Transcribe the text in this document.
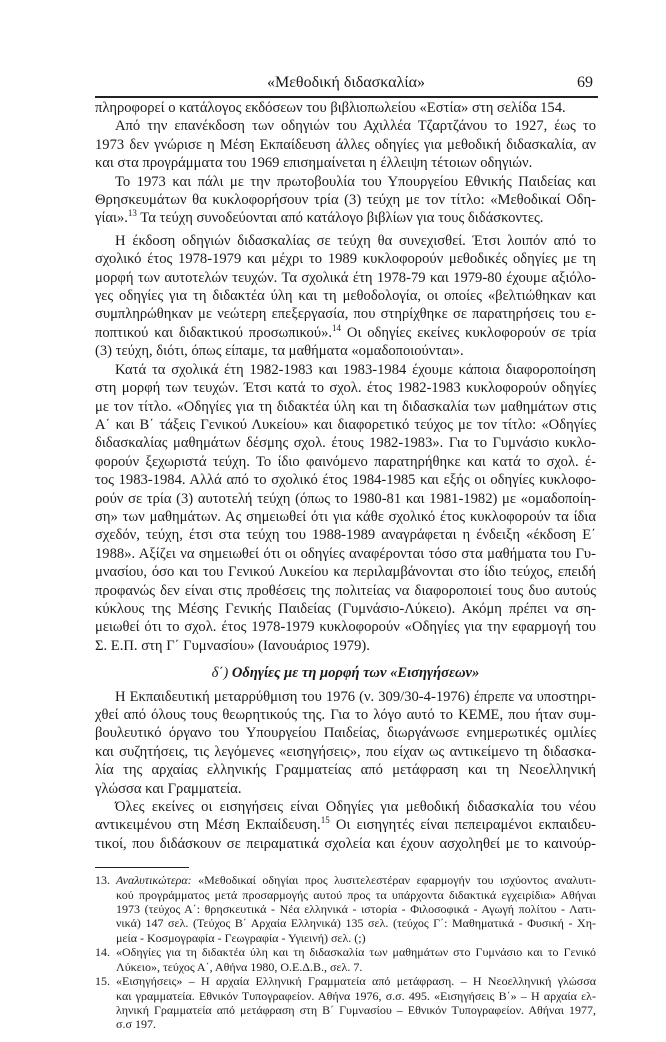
«Μεθοδική διδασκαλία»	69
πληροφορεί ο κατάλογος εκδόσεων του βιβλιοπωλείου «Εστία» στη σελίδα 154.
Από την επανέκδοση των οδηγιών του Αχιλλέα Τζαρτζάνου το 1927, έως το
1973 δεν γνώρισε η Μέση Εκπαίδευση άλλες οδηγίες για μεθοδική διδασκαλία, αν
και στα προγράμματα του 1969 επισημαίνεται η έλλειψη τέτοιων οδηγιών.
Το 1973 και πάλι με την πρωτοβουλία του Υπουργείου Εθνικής Παιδείας και
Θρησκευμάτων θα κυκλοφορήσουν τρία (3) τεύχη με τον τίτλο: «Μεθοδικαί Οδη-
γίαι».$^{13}$ Τα τεύχη συνοδεύονται από κατάλογο βιβλίων για τους διδάσκοντες.
Η έκδοση οδηγιών διδασκαλίας σε τεύχη θα συνεχισθεί. Έτσι λοιπόν από το
σχολικό έτος 1978-1979 και μέχρι το 1989 κυκλοφορούν μεθοδικές οδηγίες με τη
μορφή των αυτοτελών τευχών. Τα σχολικά έτη 1978-79 και 1979-80 έχουμε αξιόλο-
γες οδηγίες για τη διδακτέα ύλη και τη μεθοδολογία, οι οποίες «βελτιώθηκαν και
συμπληρώθηκαν με νεώτερη επεξεργασία, που στηρίχθηκε σε παρατηρήσεις του ε-
ποπτικού και διδακτικού προσωπικού».$^{14}$ Οι οδηγίες εκείνες κυκλοφορούν σε τρία
(3) τεύχη, διότι, όπως είπαμε, τα μαθήματα «ομαδοποιούνται».
Κατά τα σχολικά έτη 1982-1983 και 1983-1984 έχουμε κάποια διαφοροποίηση
στη μορφή των τευχών. Έτσι κατά το σχολ. έτος 1982-1983 κυκλοφορούν οδηγίες
με τον τίτλο. «Οδηγίες για τη διδακτέα ύλη και τη διδασκαλία των μαθημάτων στις
Α΄ και Β΄ τάξεις Γενικού Λυκείου» και διαφορετικό τεύχος με τον τίτλο: «Οδηγίες
διδασκαλίας μαθημάτων δέσμης σχολ. έτους 1982-1983». Για το Γυμνάσιο κυκλο-
φορούν ξεχωριστά τεύχη. Το ίδιο φαινόμενο παρατηρήθηκε και κατά το σχολ. έ-
τος 1983-1984. Αλλά από το σχολικό έτος 1984-1985 και εξής οι οδηγίες κυκλοφο-
ρούν σε τρία (3) αυτοτελή τεύχη (όπως το 1980-81 και 1981-1982) με «ομαδοποίη-
ση» των μαθημάτων. Ας σημειωθεί ότι για κάθε σχολικό έτος κυκλοφορούν τα ίδια
σχεδόν, τεύχη, έτσι στα τεύχη του 1988-1989 αναγράφεται η ένδειξη «έκδοση Ε΄
1988». Αξίζει να σημειωθεί ότι οι οδηγίες αναφέρονται τόσο στα μαθήματα του Γυ-
μνασίου, όσο και του Γενικού Λυκείου κα περιλαμβάνονται στο ίδιο τεύχος, επειδή
προφανώς δεν είναι στις προθέσεις της πολιτείας να διαφοροποιεί τους δυο αυτούς
κύκλους της Μέσης Γενικής Παιδείας (Γυμνάσιο-Λύκειο). Ακόμη πρέπει να ση-
μειωθεί ότι το σχολ. έτος 1978-1979 κυκλοφορούν «Οδηγίες για την εφαρμογή του
Σ. Ε.Π. στη Γ΄ Γυμνασίου» (Ιανουάριος 1979).
δ΄) Οδηγίες με τη μορφή των «Εισηγήσεων»
Η Εκπαιδευτική μεταρρύθμιση του 1976 (ν. 309/30-4-1976) έπρεπε να υποστηρι-
χθεί από όλους τους θεωρητικούς της. Για το λόγο αυτό το ΚΕΜΕ, που ήταν συμ-
βουλευτικό όργανο του Υπουργείου Παιδείας, διωργάνωσε ενημερωτικές ομιλίες
και συζητήσεις, τις λεγόμενες «εισηγήσεις», που είχαν ως αντικείμενο τη διδασκα-
λία της αρχαίας ελληνικής Γραμματείας από μετάφραση και τη Νεοελληνική
γλώσσα και Γραμματεία.
Όλες εκείνες οι εισηγήσεις είναι Οδηγίες για μεθοδική διδασκαλία του νέου
αντικειμένου στη Μέση Εκπαίδευση.$^{15}$ Οι εισηγητές είναι πεπειραμένοι εκπαιδευ-
τικοί, που διδάσκουν σε πειραματικά σχολεία και έχουν ασχοληθεί με το καινούρ-
13. Αναλυτικώτερα: «Μεθοδικαί οδηγίαι προς λυσιτελεστέραν εφαρμογήν του ισχύοντος αναλυτι-
κού προγράμματος μετά προσαρμογής αυτού προς τα υπάρχοντα διδακτικά εγχειρίδια» Αθήναι
1973 (τεύχος Α΄: θρησκευτικά - Νέα ελληνικά - ιστορία - Φιλοσοφικά - Αγωγή πολίτου - Λατι-
νικά) 147 σελ. (Τεύχος Β΄ Αρχαία Ελληνικά) 135 σελ. (τεύχος Γ΄: Μαθηματικά - Φυσική - Χη-
μεία - Κοσμογραφία - Γεωγραφία - Υγιεινή) σελ. (;)
14. «Οδηγίες για τη διδακτέα ύλη και τη διδασκαλία των μαθημάτων στο Γυμνάσιο και το Γενικό
Λύκειο», τεύχος Α΄, Αθήνα 1980, Ο.Ε.Δ.Β., σελ. 7.
15. «Εισηγήσεις» – Η αρχαία Ελληνική Γραμματεία από μετάφραση. – Η Νεοελληνική γλώσσα
και γραμματεία. Εθνικόν Τυπογραφείον. Αθήνα 1976, σ.σ. 495. «Εισηγήσεις Β΄» – Η αρχαία ελ-
ληνική Γραμματεία από μετάφραση στη Β΄ Γυμνασίου – Εθνικόν Τυπογραφείον. Αθήναι 1977,
σ.σ 197.
